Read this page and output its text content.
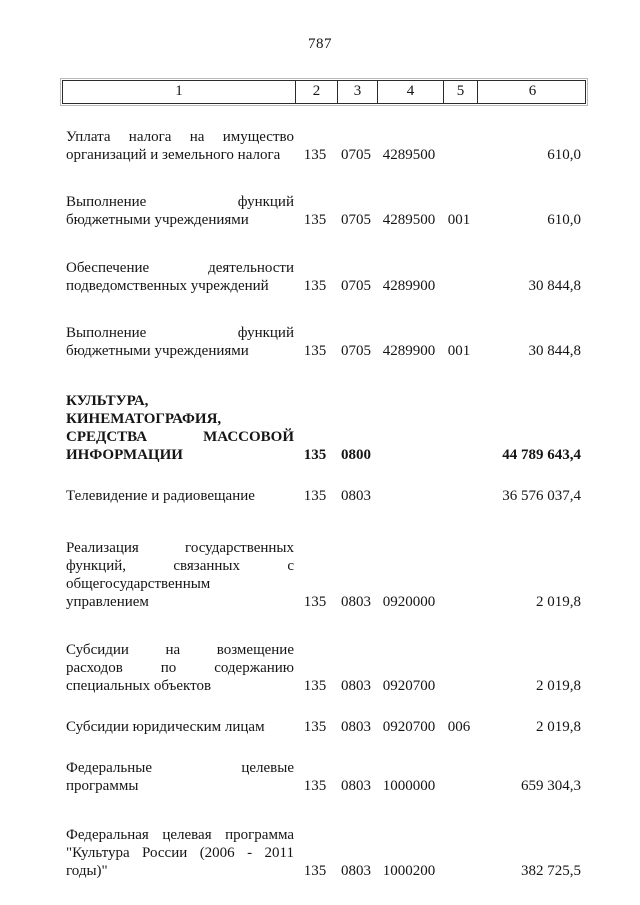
787
1	2	3	4	5	6
Уплата налога на имущество
организаций и земельного налога	135 0705 4289500	610,0
Выполнение функций
бюджетными учреждениями	135 0705 4289500 001	610,0
Обеспечение деятельности
подведомственных учреждений	135 0705 4289900	30 844,8
Выполнение функций
бюджетными учреждениями	135 0705 4289900 001	30 844,8
КУЛЬТУРА,
КИНЕМАТОГРАФИЯ,
СРЕДСТВА МАССОВОЙ
ИНФОРМАЦИИ	135 0800	44 789 643,4
Телевидение и радиовещание	135 0803	36 576 037,4
Реализация государственных
функций, связанных с
общегосударственным
управлением	135 0803 0920000	2 019,8
Субсидии на возмещение
расходов по содержанию
специальных объектов	135 0803 0920700	2 019,8
Субсидии юридическим лицам	135 0803 0920700 006	2 019,8
Федеральные целевые
программы	135 0803 1000000	659 304,3
Федеральная целевая программа
"Культура России (2006 - 2011
годы)"	135 0803 1000200	382 725,5
